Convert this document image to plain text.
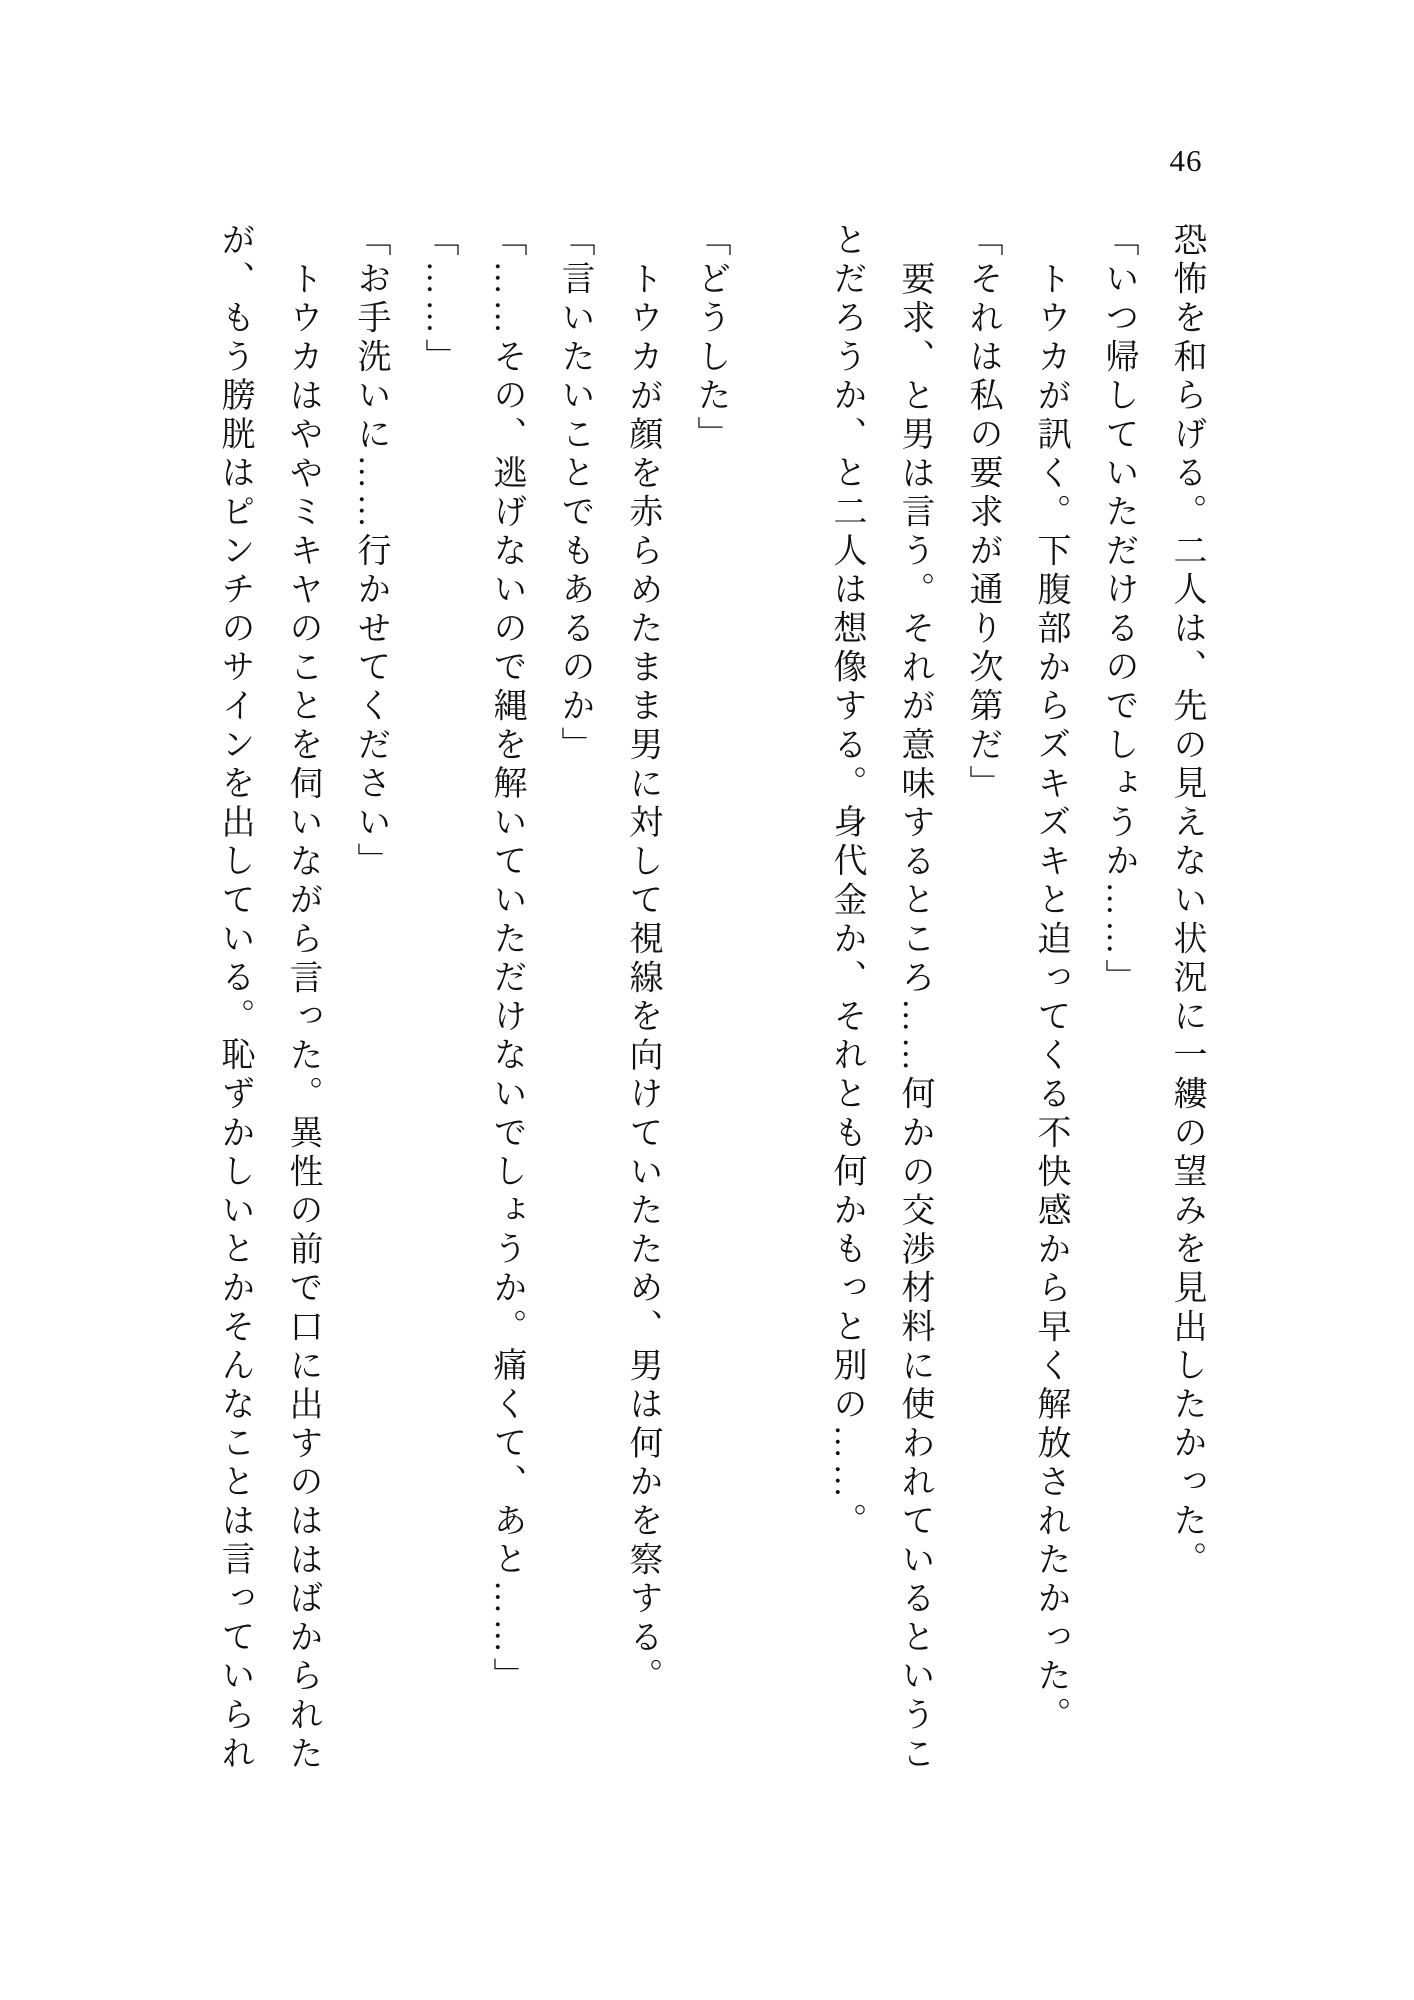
46

恐怖を和らげる。二人は、先の見えない状況に一縷の望みを見出したかった。

「いつ帰していただけるのでしょうか……」

トウカが訊く。下腹部からズキズキと迫ってくる不快感から早く解放されたかった。

「それは私の要求が通り次第だ」

要求、と男は言う。それが意味するところ……何かの交渉材料に使われているというこ

とだろうか、と二人は想像する。身代金か、それとも何かもっと別の……。

「どうした」

トウカが顔を赤らめたまま男に対して視線を向けていたため、男は何かを察する。

「言いたいことでもあるのか」

「……その、逃げないので縄を解いていただけないでしょうか。痛くて、あと……」

「……」

「お手洗いに……行かせてください」

トウカはややミキヤのことを伺いながら言った。異性の前で口に出すのははばかられた

が、もう膀胱はピンチのサインを出している。恥ずかしいとかそんなことは言っていられ
